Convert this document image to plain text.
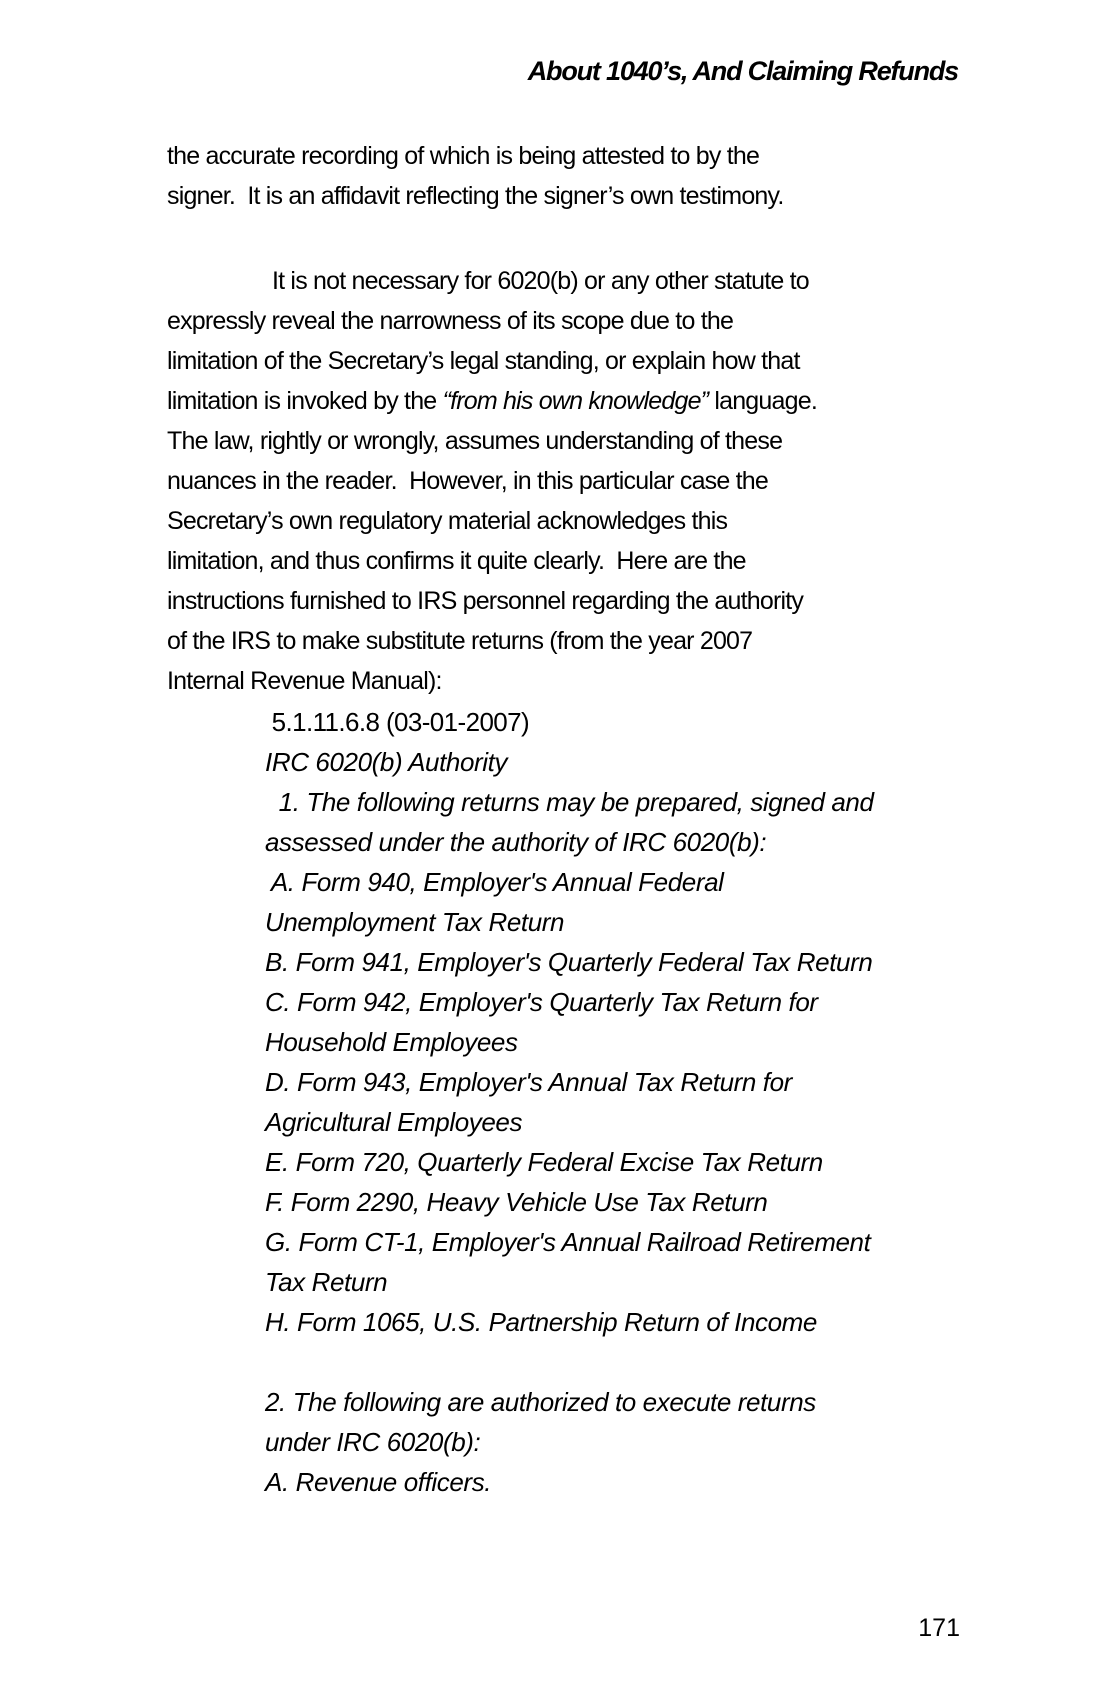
About 1040’s, And Claiming Refunds
the accurate recording of which is being attested to by the
signer.  It is an affidavit reflecting the signer’s own testimony.
It is not necessary for 6020(b) or any other statute to
expressly reveal the narrowness of its scope due to the
limitation of the Secretary’s legal standing, or explain how that
limitation is invoked by the “from his own knowledge” language.
The law, rightly or wrongly, assumes understanding of these
nuances in the reader.  However, in this particular case the
Secretary’s own regulatory material acknowledges this
limitation, and thus confirms it quite clearly.  Here are the
instructions furnished to IRS personnel regarding the authority
of the IRS to make substitute returns (from the year 2007
Internal Revenue Manual):
5.1.11.6.8 (03-01-2007)
IRC 6020(b) Authority
1. The following returns may be prepared, signed and
assessed under the authority of IRC 6020(b):
A. Form 940, Employer's Annual Federal
Unemployment Tax Return
B. Form 941, Employer's Quarterly Federal Tax Return
C. Form 942, Employer's Quarterly Tax Return for
Household Employees
D. Form 943, Employer's Annual Tax Return for
Agricultural Employees
E. Form 720, Quarterly Federal Excise Tax Return
F. Form 2290, Heavy Vehicle Use Tax Return
G. Form CT-1, Employer's Annual Railroad Retirement
Tax Return
H. Form 1065, U.S. Partnership Return of Income
2. The following are authorized to execute returns
under IRC 6020(b):
A. Revenue officers.
171
